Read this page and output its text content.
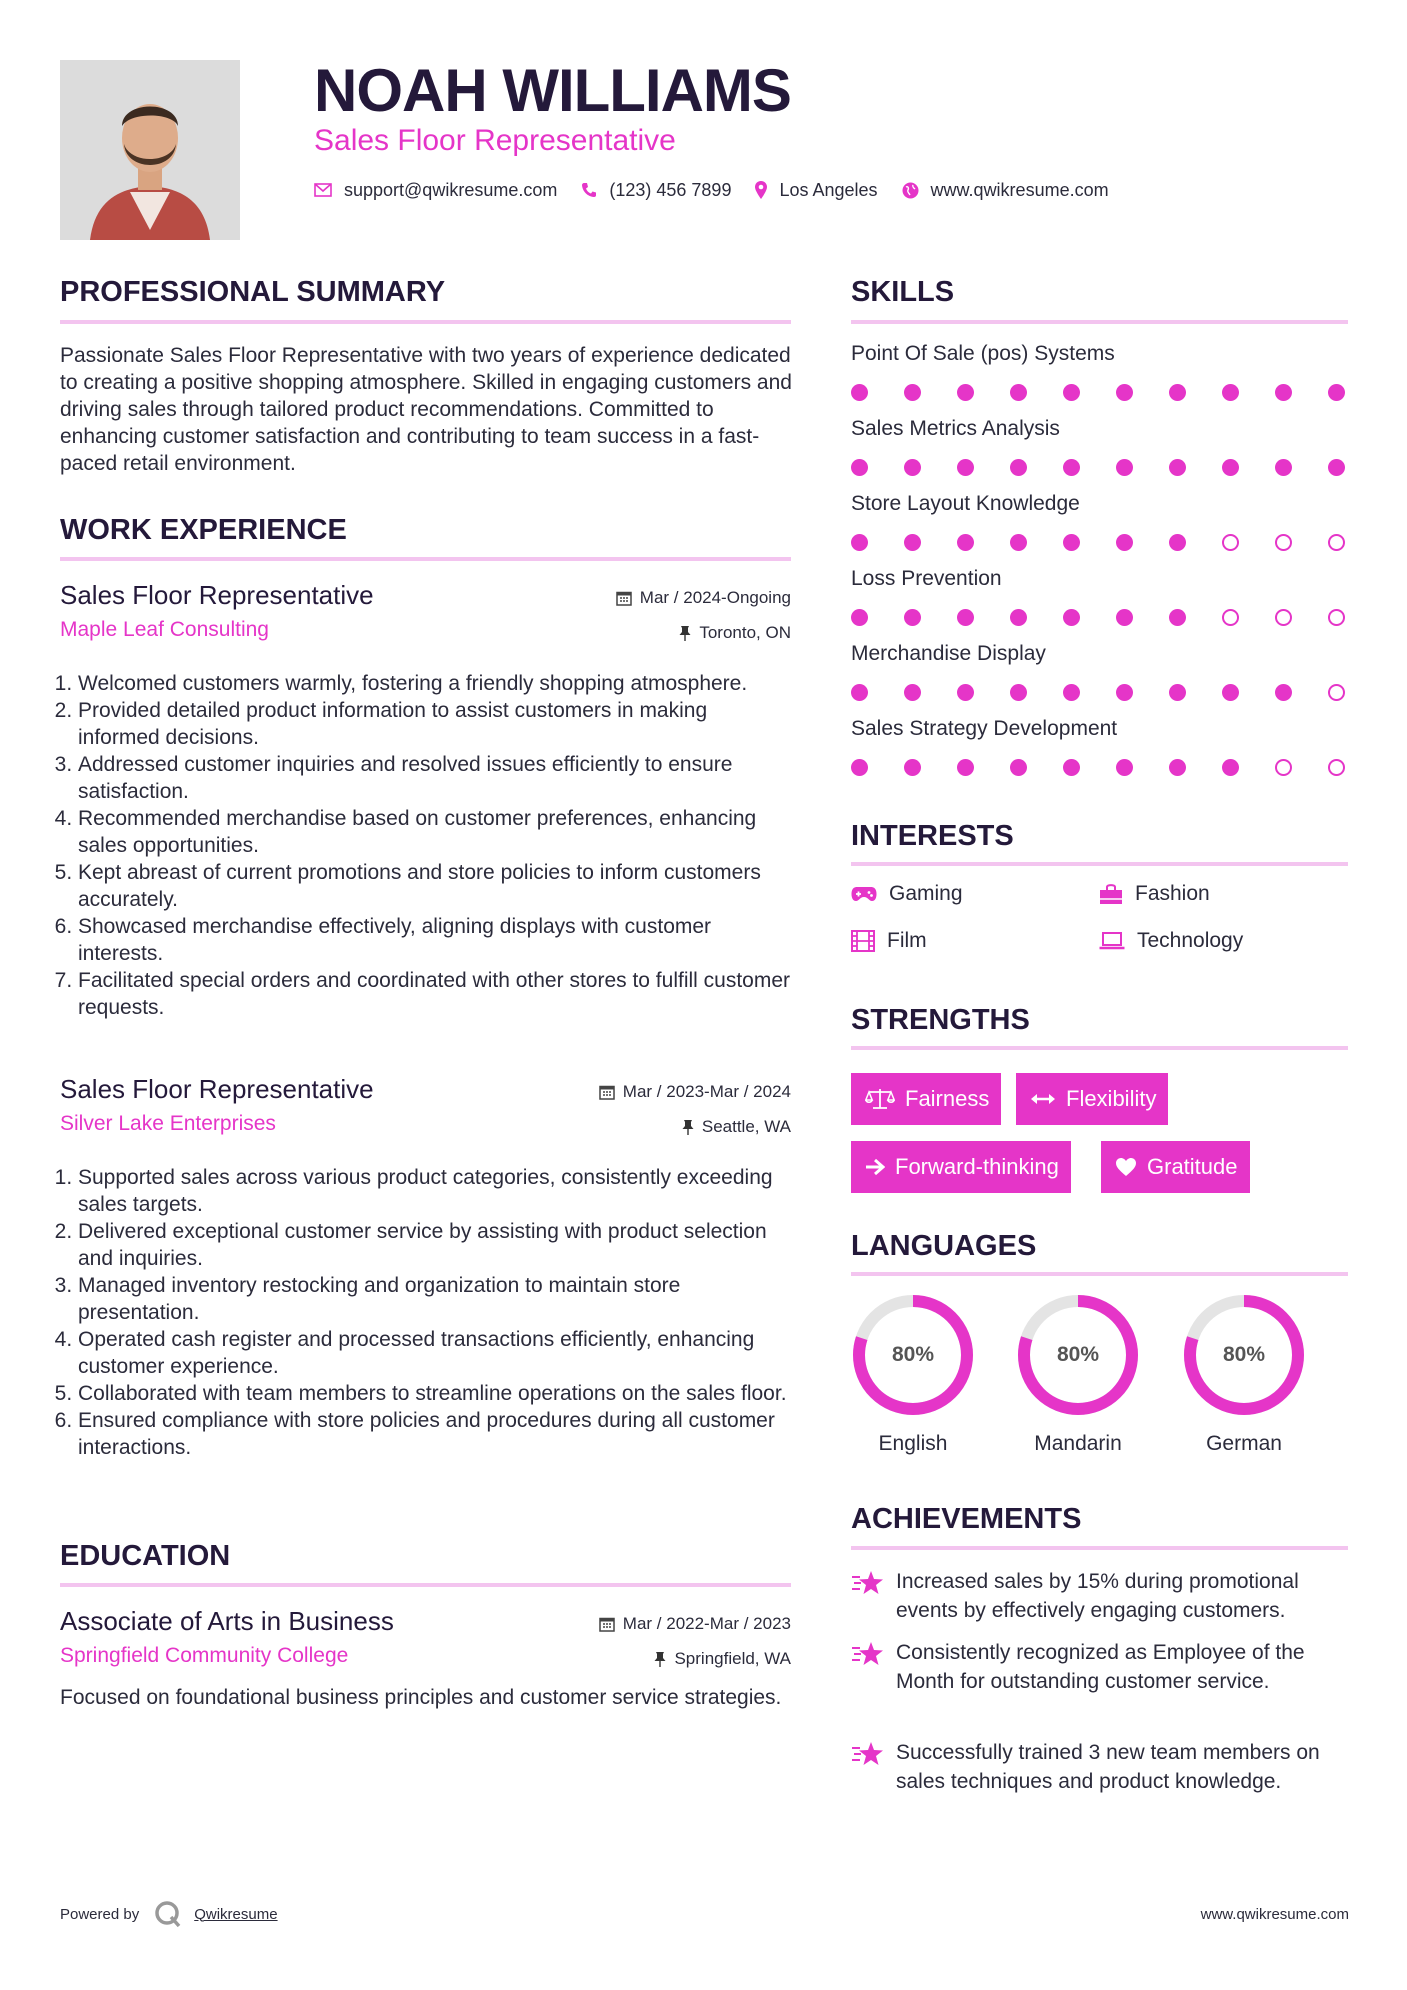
NOAH WILLIAMS
Sales Floor Representative
support@qwikresume.com	(123) 456 7899	Los Angeles	www.qwikresume.com
PROFESSIONAL SUMMARY
Passionate Sales Floor Representative with two years of experience dedicated to creating a positive shopping atmosphere. Skilled in engaging customers and driving sales through tailored product recommendations. Committed to enhancing customer satisfaction and contributing to team success in a fast-paced retail environment.
WORK EXPERIENCE
Sales Floor Representative
Maple Leaf Consulting
Mar / 2024-Ongoing
Toronto, ON
1. Welcomed customers warmly, fostering a friendly shopping atmosphere.
2. Provided detailed product information to assist customers in making informed decisions.
3. Addressed customer inquiries and resolved issues efficiently to ensure satisfaction.
4. Recommended merchandise based on customer preferences, enhancing sales opportunities.
5. Kept abreast of current promotions and store policies to inform customers accurately.
6. Showcased merchandise effectively, aligning displays with customer interests.
7. Facilitated special orders and coordinated with other stores to fulfill customer requests.
Sales Floor Representative
Silver Lake Enterprises
Mar / 2023-Mar / 2024
Seattle, WA
1. Supported sales across various product categories, consistently exceeding sales targets.
2. Delivered exceptional customer service by assisting with product selection and inquiries.
3. Managed inventory restocking and organization to maintain store presentation.
4. Operated cash register and processed transactions efficiently, enhancing customer experience.
5. Collaborated with team members to streamline operations on the sales floor.
6. Ensured compliance with store policies and procedures during all customer interactions.
EDUCATION
Associate of Arts in Business
Springfield Community College
Mar / 2022-Mar / 2023
Springfield, WA
Focused on foundational business principles and customer service strategies.
SKILLS
Point Of Sale (pos) Systems
Sales Metrics Analysis
Store Layout Knowledge
Loss Prevention
Merchandise Display
Sales Strategy Development
INTERESTS
Gaming	Fashion
Film	Technology
STRENGTHS
Fairness	Flexibility
Forward-thinking	Gratitude
LANGUAGES
80%
English
80%
Mandarin
80%
German
ACHIEVEMENTS
Increased sales by 15% during promotional events by effectively engaging customers.
Consistently recognized as Employee of the Month for outstanding customer service.
Successfully trained 3 new team members on sales techniques and product knowledge.
Powered by	Qwikresume	www.qwikresume.com
